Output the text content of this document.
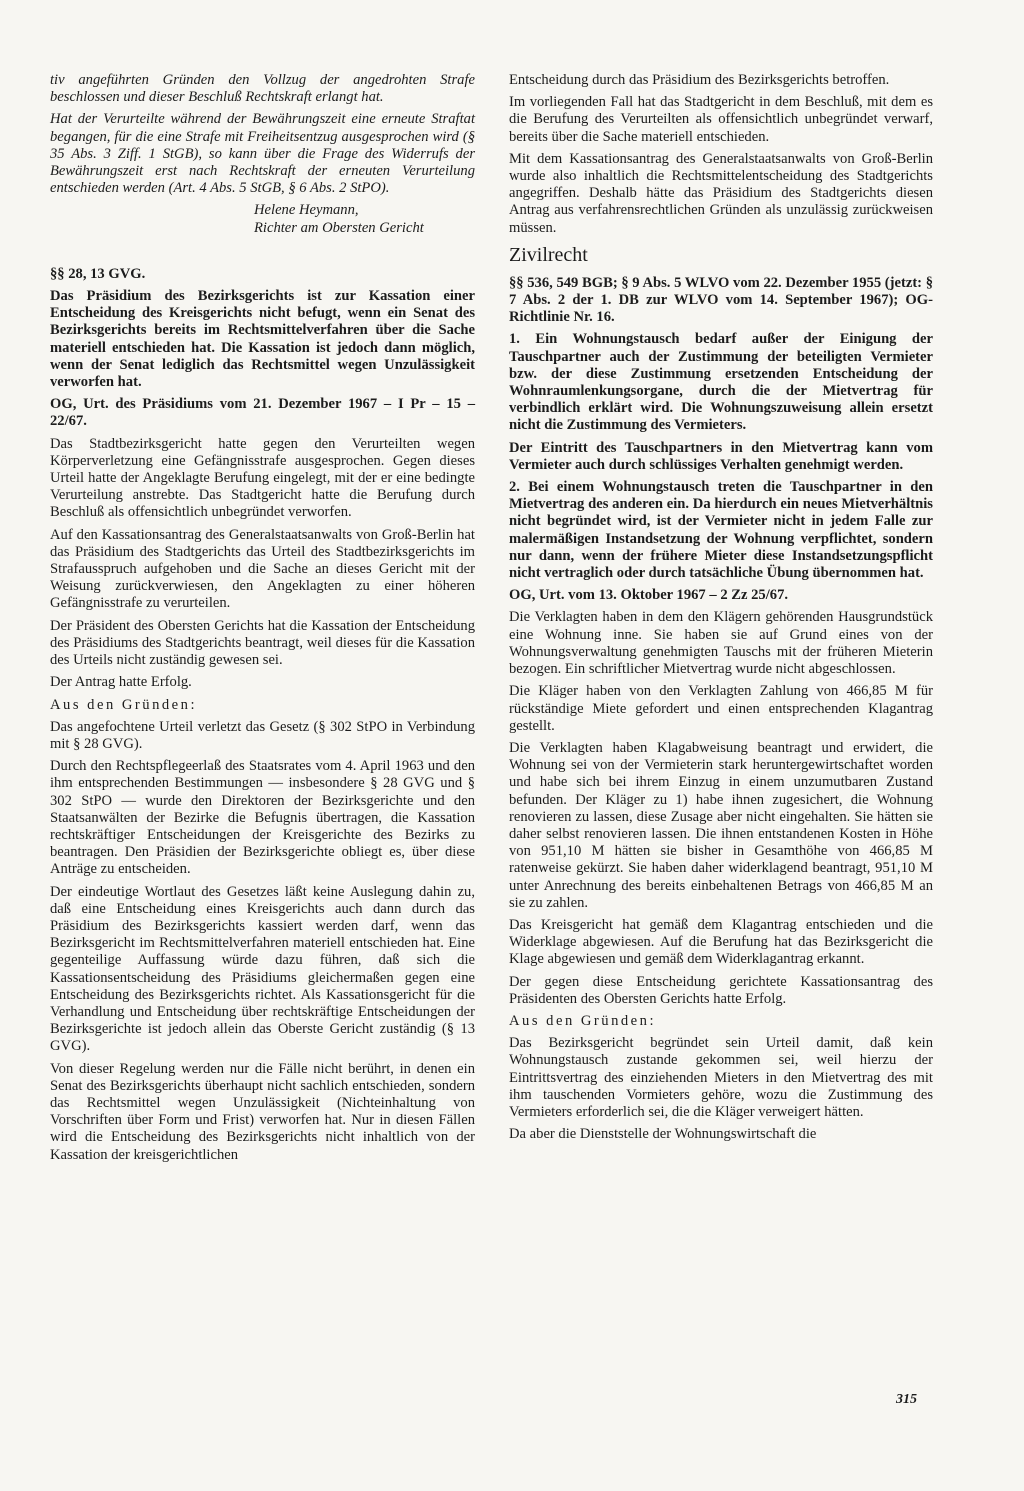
tiv angeführten Gründen den Vollzug der angedrohten Strafe beschlossen und dieser Beschluß Rechtskraft erlangt hat.

Hat der Verurteilte während der Bewährungszeit eine erneute Straftat begangen, für die eine Strafe mit Freiheitsentzug ausgesprochen wird (§ 35 Abs. 3 Ziff. 1 StGB), so kann über die Frage des Widerrufs der Bewährungszeit erst nach Rechtskraft der erneuten Verurteilung entschieden werden (Art. 4 Abs. 5 StGB, § 6 Abs. 2 StPO).

Helene Heymann,

Richter am Obersten Gericht

§§ 28, 13 GVG.

Das Präsidium des Bezirksgerichts ist zur Kassation einer Entscheidung des Kreisgerichts nicht befugt, wenn ein Senat des Bezirksgerichts bereits im Rechtsmittelverfahren über die Sache materiell entschieden hat. Die Kassation ist jedoch dann möglich, wenn der Senat lediglich das Rechtsmittel wegen Unzulässigkeit verworfen hat.

OG, Urt. des Präsidiums vom 21. Dezember 1967 – I Pr – 15 – 22/67.

Das Stadtbezirksgericht hatte gegen den Verurteilten wegen Körperverletzung eine Gefängnisstrafe ausgesprochen. Gegen dieses Urteil hatte der Angeklagte Berufung eingelegt, mit der er eine bedingte Verurteilung anstrebte. Das Stadtgericht hatte die Berufung durch Beschluß als offensichtlich unbegründet verworfen.

Auf den Kassationsantrag des Generalstaatsanwalts von Groß-Berlin hat das Präsidium des Stadtgerichts das Urteil des Stadtbezirksgerichts im Strafausspruch aufgehoben und die Sache an dieses Gericht mit der Weisung zurückverwiesen, den Angeklagten zu einer höheren Gefängnisstrafe zu verurteilen.

Der Präsident des Obersten Gerichts hat die Kassation der Entscheidung des Präsidiums des Stadtgerichts beantragt, weil dieses für die Kassation des Urteils nicht zuständig gewesen sei.

Der Antrag hatte Erfolg.

Aus den Gründen:

Das angefochtene Urteil verletzt das Gesetz (§ 302 StPO in Verbindung mit § 28 GVG).

Durch den Rechtspflegeerlaß des Staatsrates vom 4. April 1963 und den ihm entsprechenden Bestimmungen — insbesondere § 28 GVG und § 302 StPO — wurde den Direktoren der Bezirksgerichte und den Staatsanwälten der Bezirke die Befugnis übertragen, die Kassation rechtskräftiger Entscheidungen der Kreisgerichte des Bezirks zu beantragen. Den Präsidien der Bezirksgerichte obliegt es, über diese Anträge zu entscheiden.

Der eindeutige Wortlaut des Gesetzes läßt keine Auslegung dahin zu, daß eine Entscheidung eines Kreisgerichts auch dann durch das Präsidium des Bezirksgerichts kassiert werden darf, wenn das Bezirksgericht im Rechtsmittelverfahren materiell entschieden hat. Eine gegenteilige Auffassung würde dazu führen, daß sich die Kassationsentscheidung des Präsidiums gleichermaßen gegen eine Entscheidung des Bezirksgerichts richtet. Als Kassationsgericht für die Verhandlung und Entscheidung über rechtskräftige Entscheidungen der Bezirksgerichte ist jedoch allein das Oberste Gericht zuständig (§ 13 GVG).

Von dieser Regelung werden nur die Fälle nicht berührt, in denen ein Senat des Bezirksgerichts überhaupt nicht sachlich entschieden, sondern das Rechtsmittel wegen Unzulässigkeit (Nichteinhaltung von Vorschriften über Form und Frist) verworfen hat. Nur in diesen Fällen wird die Entscheidung des Bezirksgerichts nicht inhaltlich von der Kassation der kreisgerichtlichen

Entscheidung durch das Präsidium des Bezirksgerichts betroffen.

Im vorliegenden Fall hat das Stadtgericht in dem Beschluß, mit dem es die Berufung des Verurteilten als offensichtlich unbegründet verwarf, bereits über die Sache materiell entschieden.

Mit dem Kassationsantrag des Generalstaatsanwalts von Groß-Berlin wurde also inhaltlich die Rechtsmittelentscheidung des Stadtgerichts angegriffen. Deshalb hätte das Präsidium des Stadtgerichts diesen Antrag aus verfahrensrechtlichen Gründen als unzulässig zurückweisen müssen.

Zivilrecht

§§ 536, 549 BGB; § 9 Abs. 5 WLVO vom 22. Dezember 1955 (jetzt: § 7 Abs. 2 der 1. DB zur WLVO vom 14. September 1967); OG-Richtlinie Nr. 16.

1. Ein Wohnungstausch bedarf außer der Einigung der Tauschpartner auch der Zustimmung der beteiligten Vermieter bzw. der diese Zustimmung ersetzenden Entscheidung der Wohnraumlenkungsorgane, durch die der Mietvertrag für verbindlich erklärt wird. Die Wohnungszuweisung allein ersetzt nicht die Zustimmung des Vermieters.

Der Eintritt des Tauschpartners in den Mietvertrag kann vom Vermieter auch durch schlüssiges Verhalten genehmigt werden.

2. Bei einem Wohnungstausch treten die Tauschpartner in den Mietvertrag des anderen ein. Da hierdurch ein neues Mietverhältnis nicht begründet wird, ist der Vermieter nicht in jedem Falle zur malermäßigen Instandsetzung der Wohnung verpflichtet, sondern nur dann, wenn der frühere Mieter diese Instandsetzungspflicht nicht vertraglich oder durch tatsächliche Übung übernommen hat.

OG, Urt. vom 13. Oktober 1967 – 2 Zz 25/67.

Die Verklagten haben in dem den Klägern gehörenden Hausgrundstück eine Wohnung inne. Sie haben sie auf Grund eines von der Wohnungsverwaltung genehmigten Tauschs mit der früheren Mieterin bezogen. Ein schriftlicher Mietvertrag wurde nicht abgeschlossen.

Die Kläger haben von den Verklagten Zahlung von 466,85 M für rückständige Miete gefordert und einen entsprechenden Klagantrag gestellt.

Die Verklagten haben Klagabweisung beantragt und erwidert, die Wohnung sei von der Vermieterin stark heruntergewirtschaftet worden und habe sich bei ihrem Einzug in einem unzumutbaren Zustand befunden. Der Kläger zu 1) habe ihnen zugesichert, die Wohnung renovieren zu lassen, diese Zusage aber nicht eingehalten. Sie hätten sie daher selbst renovieren lassen. Die ihnen entstandenen Kosten in Höhe von 951,10 M hätten sie bisher in Gesamthöhe von 466,85 M ratenweise gekürzt. Sie haben daher widerklagend beantragt, 951,10 M unter Anrechnung des bereits einbehaltenen Betrags von 466,85 M an sie zu zahlen.

Das Kreisgericht hat gemäß dem Klagantrag entschieden und die Widerklage abgewiesen. Auf die Berufung hat das Bezirksgericht die Klage abgewiesen und gemäß dem Widerklagantrag erkannt.

Der gegen diese Entscheidung gerichtete Kassationsantrag des Präsidenten des Obersten Gerichts hatte Erfolg.

Aus den Gründen:

Das Bezirksgericht begründet sein Urteil damit, daß kein Wohnungstausch zustande gekommen sei, weil hierzu der Eintrittsvertrag des einziehenden Mieters in den Mietvertrag des mit ihm tauschenden Vormieters gehöre, wozu die Zustimmung des Vermieters erforderlich sei, die die Kläger verweigert hätten.

Da aber die Dienststelle der Wohnungswirtschaft die

315
